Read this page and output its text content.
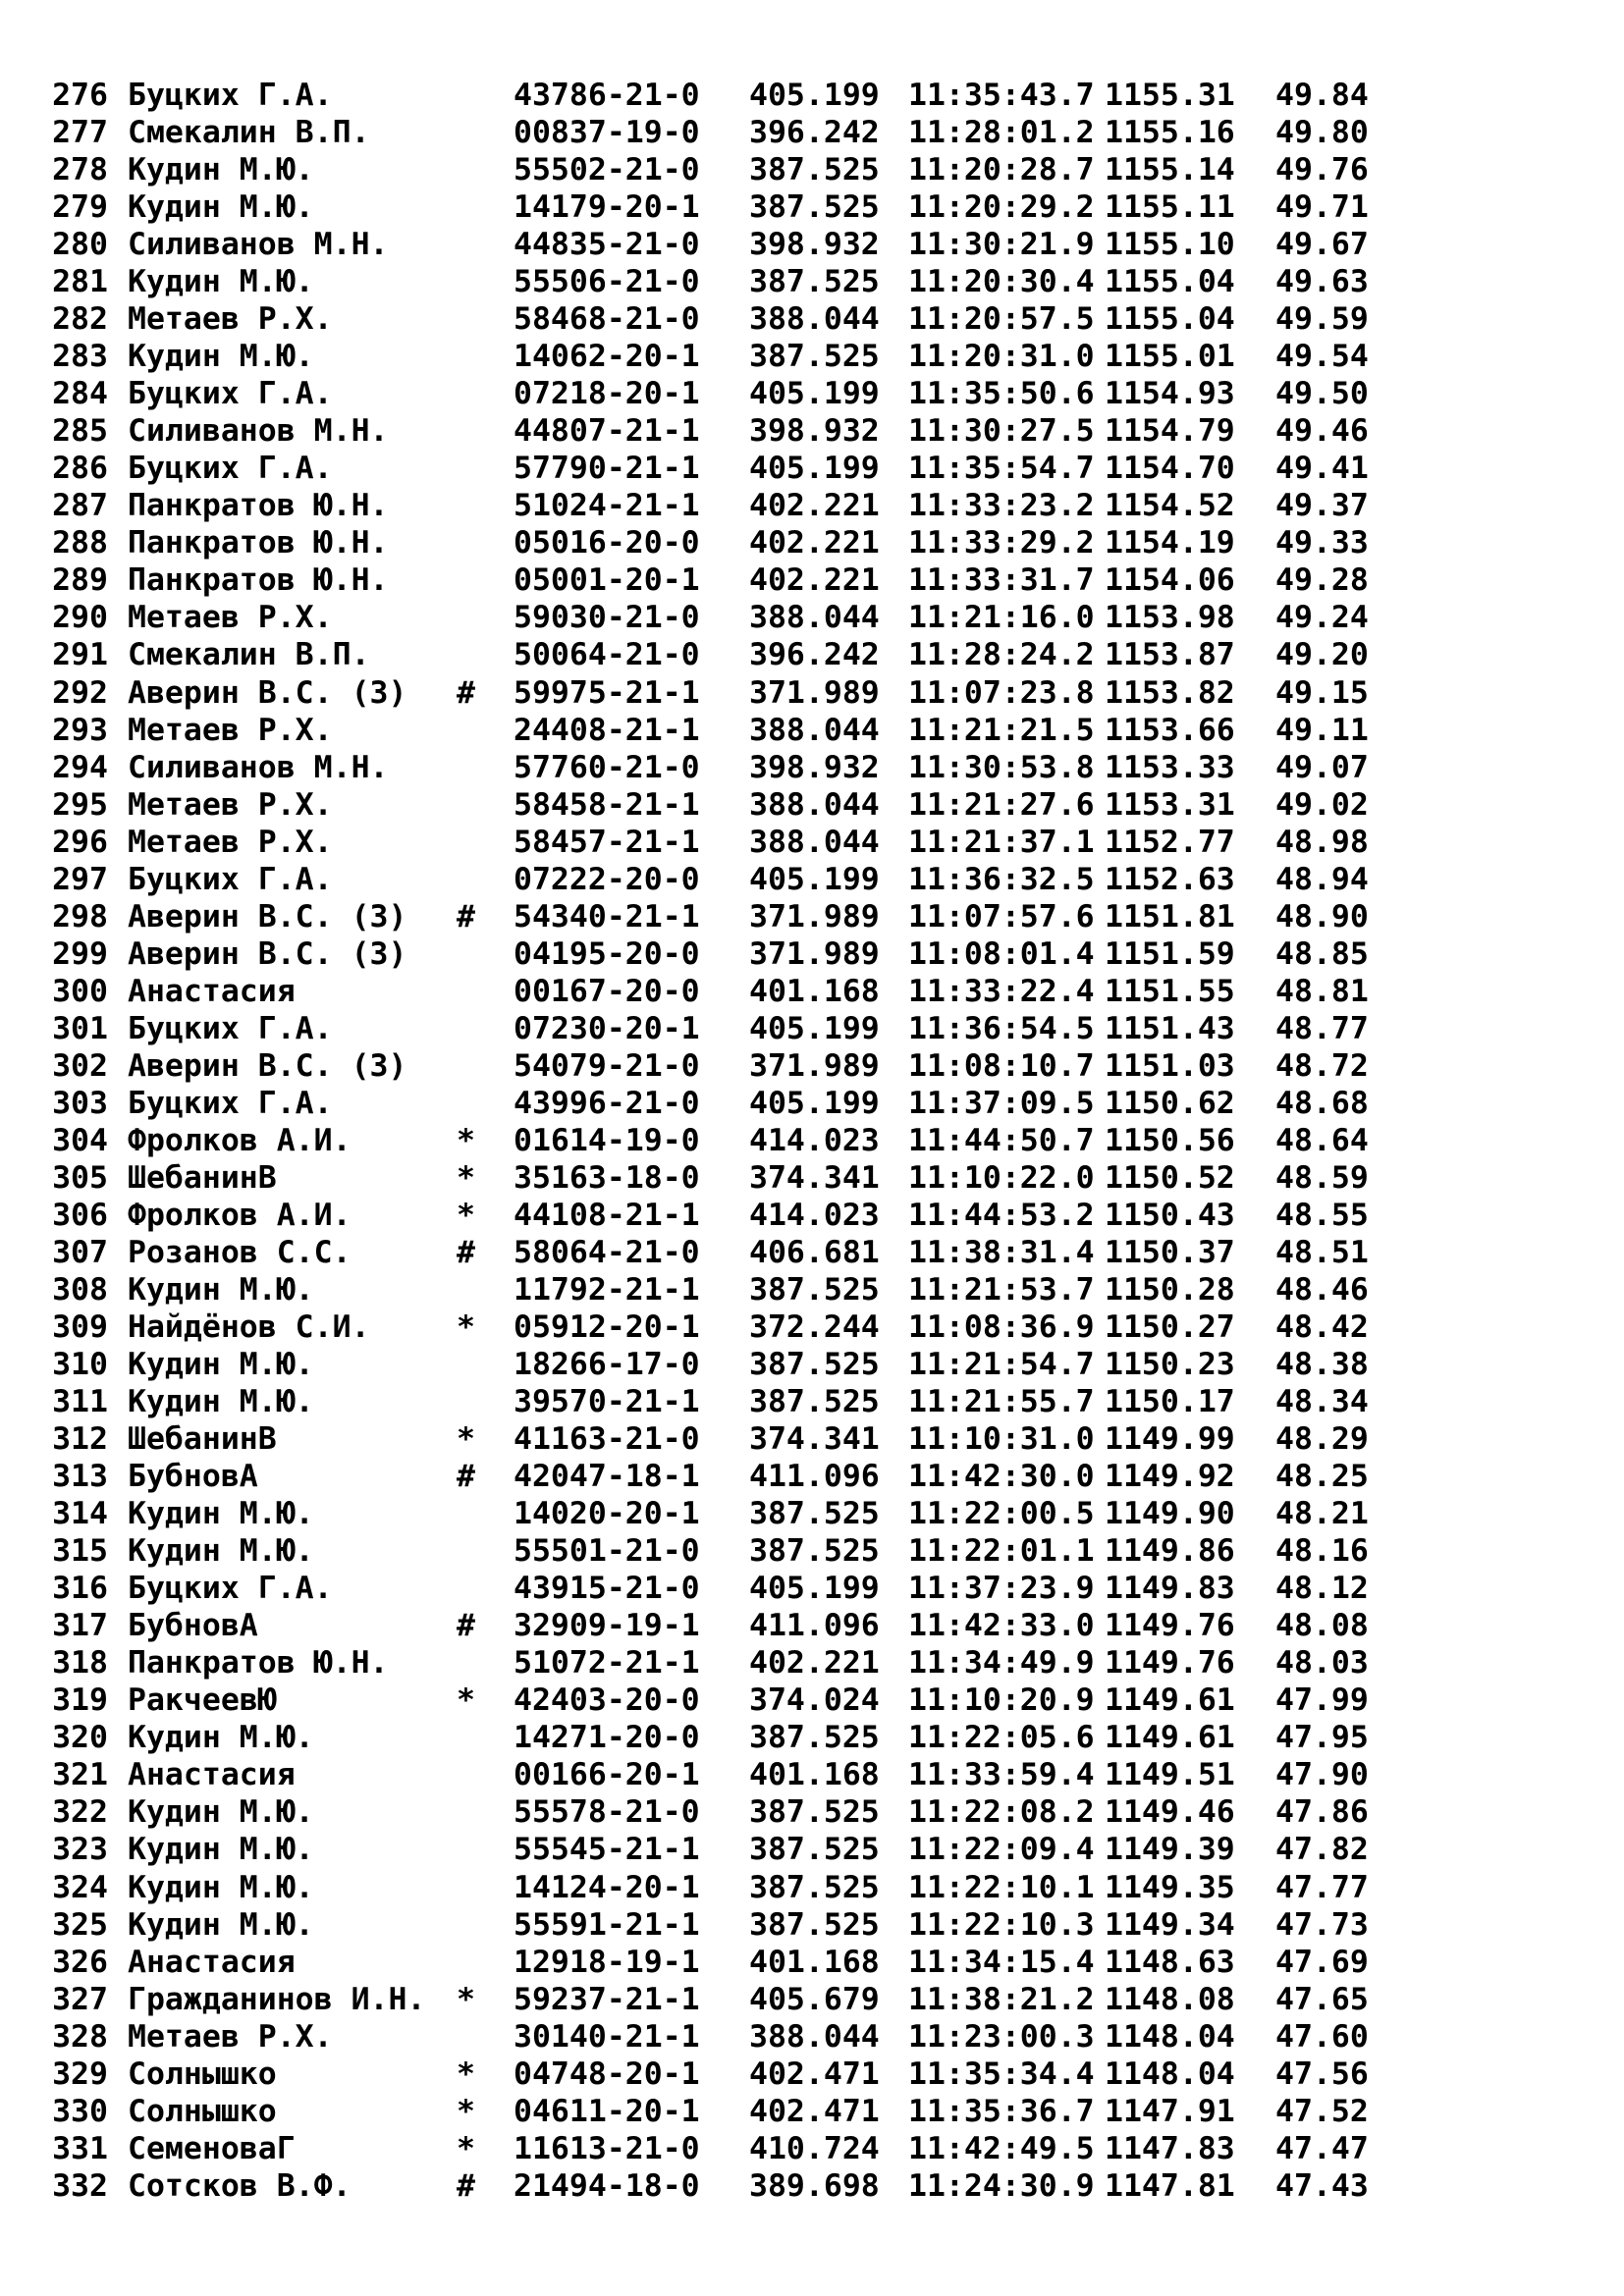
276 Буцких Г.А.	43786-21-0 405.199 11:35:43.7 1155.31 49.84
277 Смекалин В.П.	00837-19-0 396.242 11:28:01.2 1155.16 49.80
278 Кудин М.Ю.	55502-21-0 387.525 11:20:28.7 1155.14 49.76
279 Кудин М.Ю.	14179-20-1 387.525 11:20:29.2 1155.11 49.71
280 Силиванов М.Н.	44835-21-0 398.932 11:30:21.9 1155.10 49.67
281 Кудин М.Ю.	55506-21-0 387.525 11:20:30.4 1155.04 49.63
282 Метаев Р.Х.	58468-21-0 388.044 11:20:57.5 1155.04 49.59
283 Кудин М.Ю.	14062-20-1 387.525 11:20:31.0 1155.01 49.54
284 Буцких Г.А.	07218-20-1 405.199 11:35:50.6 1154.93 49.50
285 Силиванов М.Н.	44807-21-1 398.932 11:30:27.5 1154.79 49.46
286 Буцких Г.А.	57790-21-1 405.199 11:35:54.7 1154.70 49.41
287 Панкратов Ю.Н.	51024-21-1 402.221 11:33:23.2 1154.52 49.37
288 Панкратов Ю.Н.	05016-20-0 402.221 11:33:29.2 1154.19 49.33
289 Панкратов Ю.Н.	05001-20-1 402.221 11:33:31.7 1154.06 49.28
290 Метаев Р.Х.	59030-21-0 388.044 11:21:16.0 1153.98 49.24
291 Смекалин В.П.	50064-21-0 396.242 11:28:24.2 1153.87 49.20
292 Аверин В.С. (З) # 59975-21-1 371.989 11:07:23.8 1153.82 49.15
293 Метаев Р.Х.	24408-21-1 388.044 11:21:21.5 1153.66 49.11
294 Силиванов М.Н.	57760-21-0 398.932 11:30:53.8 1153.33 49.07
295 Метаев Р.Х.	58458-21-1 388.044 11:21:27.6 1153.31 49.02
296 Метаев Р.Х.	58457-21-1 388.044 11:21:37.1 1152.77 48.98
297 Буцких Г.А.	07222-20-0 405.199 11:36:32.5 1152.63 48.94
298 Аверин В.С. (З) # 54340-21-1 371.989 11:07:57.6 1151.81 48.90
299 Аверин В.С. (З)	04195-20-0 371.989 11:08:01.4 1151.59 48.85
300 Анастасия	00167-20-0 401.168 11:33:22.4 1151.55 48.81
301 Буцких Г.А.	07230-20-1 405.199 11:36:54.5 1151.43 48.77
302 Аверин В.С. (З)	54079-21-0 371.989 11:08:10.7 1151.03 48.72
303 Буцких Г.А.	43996-21-0 405.199 11:37:09.5 1150.62 48.68
304 Фролков А.И.	* 01614-19-0 414.023 11:44:50.7 1150.56 48.64
305 ШебанинВ	* 35163-18-0 374.341 11:10:22.0 1150.52 48.59
306 Фролков А.И.	* 44108-21-1 414.023 11:44:53.2 1150.43 48.55
307 Розанов С.С.	# 58064-21-0 406.681 11:38:31.4 1150.37 48.51
308 Кудин М.Ю.	11792-21-1 387.525 11:21:53.7 1150.28 48.46
309 Найдёнов С.И.	* 05912-20-1 372.244 11:08:36.9 1150.27 48.42
310 Кудин М.Ю.	18266-17-0 387.525 11:21:54.7 1150.23 48.38
311 Кудин М.Ю.	39570-21-1 387.525 11:21:55.7 1150.17 48.34
312 ШебанинВ	* 41163-21-0 374.341 11:10:31.0 1149.99 48.29
313 БубновА	# 42047-18-1 411.096 11:42:30.0 1149.92 48.25
314 Кудин М.Ю.	14020-20-1 387.525 11:22:00.5 1149.90 48.21
315 Кудин М.Ю.	55501-21-0 387.525 11:22:01.1 1149.86 48.16
316 Буцких Г.А.	43915-21-0 405.199 11:37:23.9 1149.83 48.12
317 БубновА	# 32909-19-1 411.096 11:42:33.0 1149.76 48.08
318 Панкратов Ю.Н.	51072-21-1 402.221 11:34:49.9 1149.76 48.03
319 РакчеевЮ	* 42403-20-0 374.024 11:10:20.9 1149.61 47.99
320 Кудин М.Ю.	14271-20-0 387.525 11:22:05.6 1149.61 47.95
321 Анастасия	00166-20-1 401.168 11:33:59.4 1149.51 47.90
322 Кудин М.Ю.	55578-21-0 387.525 11:22:08.2 1149.46 47.86
323 Кудин М.Ю.	55545-21-1 387.525 11:22:09.4 1149.39 47.82
324 Кудин М.Ю.	14124-20-1 387.525 11:22:10.1 1149.35 47.77
325 Кудин М.Ю.	55591-21-1 387.525 11:22:10.3 1149.34 47.73
326 Анастасия	12918-19-1 401.168 11:34:15.4 1148.63 47.69
327 Гражданинов И.Н. * 59237-21-1 405.679 11:38:21.2 1148.08 47.65
328 Метаев Р.Х.	30140-21-1 388.044 11:23:00.3 1148.04 47.60
329 Солнышко	* 04748-20-1 402.471 11:35:34.4 1148.04 47.56
330 Солнышко	* 04611-20-1 402.471 11:35:36.7 1147.91 47.52
331 СеменоваГ	* 11613-21-0 410.724 11:42:49.5 1147.83 47.47
332 Сотсков В.Ф.	# 21494-18-0 389.698 11:24:30.9 1147.81 47.43
